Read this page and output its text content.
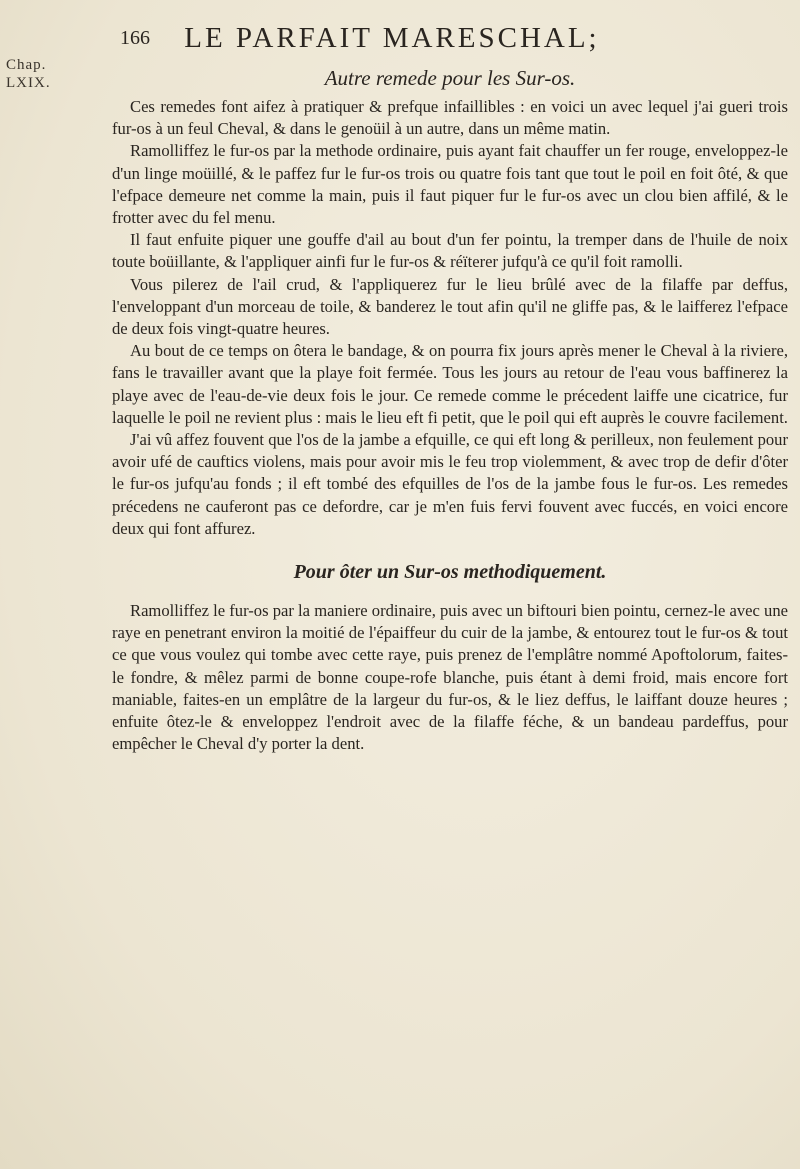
Chap.
LXIX.
166 LE PARFAIT MARESCHAL;
Autre remede pour les Sur-os.

Ces remedes font aifez à pratiquer & prefque infaillibles : en voici un avec lequel j'ai gueri trois fur-os à un feul Cheval, & dans le genoüil à un autre, dans un même matin.

Ramolliffez le fur-os par la methode ordinaire, puis ayant fait chauffer un fer rouge, enveloppez-le d'un linge moüillé, & le paffez fur le fur-os trois ou quatre fois tant que tout le poil en foit ôté, & que l'efpace demeure net comme la main, puis il faut piquer fur le fur-os avec un clou bien affilé, & le frotter avec du fel menu.

Il faut enfuite piquer une gouffe d'ail au bout d'un fer pointu, la tremper dans de l'huile de noix toute boüillante, & l'appliquer ainfi fur le fur-os & réïterer jufqu'à ce qu'il foit ramolli.

Vous pilerez de l'ail crud, & l'appliquerez fur le lieu brûlé avec de la filaffe par deffus, l'enveloppant d'un morceau de toile, & banderez le tout afin qu'il ne gliffe pas, & le laifferez l'efpace de deux fois vingt-quatre heures.

Au bout de ce temps on ôtera le bandage, & on pourra fix jours après mener le Cheval à la riviere, fans le travailler avant que la playe foit fermée. Tous les jours au retour de l'eau vous baffinerez la playe avec de l'eau-de-vie deux fois le jour. Ce remede comme le précedent laiffe une cicatrice, fur laquelle le poil ne revient plus : mais le lieu eft fi petit, que le poil qui eft auprès le couvre facilement.

J'ai vû affez fouvent que l'os de la jambe a efquille, ce qui eft long & perilleux, non feulement pour avoir ufé de cauftics violens, mais pour avoir mis le feu trop violemment, & avec trop de defir d'ôter le fur-os jufqu'au fonds ; il eft tombé des efquilles de l'os de la jambe fous le fur-os. Les remedes précedens ne cauferont pas ce defordre, car je m'en fuis fervi fouvent avec fuccés, en voici encore deux qui font affurez.

Pour ôter un Sur-os methodiquement.

Ramolliffez le fur-os par la maniere ordinaire, puis avec un biftouri bien pointu, cernez-le avec une raye en penetrant environ la moitié de l'épaiffeur du cuir de la jambe, & entourez tout le fur-os & tout ce que vous voulez qui tombe avec cette raye, puis prenez de l'emplâtre nommé Apoftolorum, faites-le fondre, & mêlez parmi de bonne coupe-rofe blanche, puis étant à demi froid, mais encore fort maniable, faites-en un emplâtre de la largeur du fur-os, & le liez deffus, le laiffant douze heures ; enfuite ôtez-le & enveloppez l'endroit avec de la filaffe féche, & un bandeau pardeffus, pour empêcher le Cheval d'y porter la dent.
